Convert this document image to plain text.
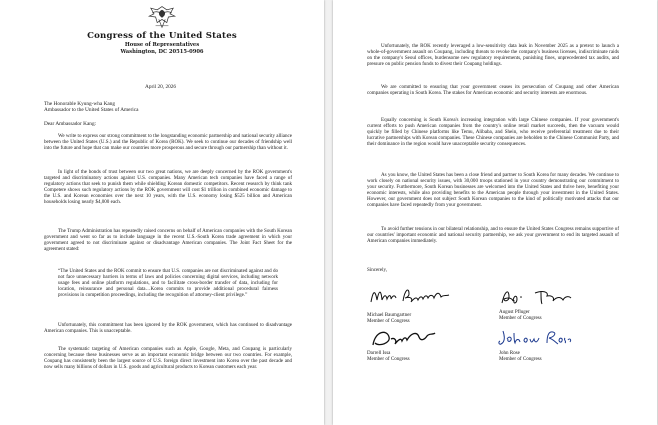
Congress of the United States
House of Representatives
Washington, DC 20515-0906
April 20, 2026
The Honorable Kyung-wha Kang
Ambassador to the United States of America
Dear Ambassador Kang:

We write to express our strong commitment to the longstanding economic partnership and national security alliance between the United States (U.S.) and the Republic of Korea (ROK). We seek to continue our decades of friendship well into the future and hope that can make our countries more prosperous and secure through our partnership than without it.

In light of the bonds of trust between our two great nations, we are deeply concerned by the ROK government's targeted and discriminatory actions against U.S. companies. Many American tech companies have faced a range of regulatory actions that seek to punish them while shielding Korean domestic competitors. Recent research by think tank Competere shows such regulatory actions by the ROK government will cost $1 trillion in combined economic damage to the U.S. and Korean economies over the next 10 years, with the U.S. economy losing $525 billion and American households losing nearly $4,000 each.

The Trump Administration has repeatedly raised concerns on behalf of American companies with the South Korean government and went so far as to include language in the recent U.S.-South Korea trade agreement in which your government agreed to not discriminate against or disadvantage American companies. The Joint Fact Sheet for the agreement stated:

“The United States and the ROK commit to ensure that U.S. companies are not discriminated against and do not face unnecessary barriers in terms of laws and policies concerning digital services, including network usage fees and online platform regulations, and to facilitate cross-border transfer of data, including for location, reinsurance and personal data…Korea commits to provide additional procedural fairness provisions in competition proceedings, including the recognition of attorney-client privilege.”

Unfortunately, this commitment has been ignored by the ROK government, which has continued to disadvantage American companies. This is unacceptable.

The systematic targeting of American companies such as Apple, Google, Meta, and Coupang is particularly concerning because these businesses serve as an important economic bridge between our two countries. For example, Coupang has consistently been the largest source of U.S. foreign direct investment into Korea over the past decade and now sells many billions of dollars in U.S. goods and agricultural products to Korean customers each year.

Unfortunately, the ROK recently leveraged a low-sensitivity data leak in November 2025 as a pretext to launch a whole-of-government assault on Coupang, including threats to revoke the company's business licenses, indiscriminate raids on the company's Seoul offices, burdensome new regulatory requirements, punishing fines, unprecedented tax audits, and pressure on public pension funds to divest their Coupang holdings.

We are committed to ensuring that your government ceases its persecution of Coupang and other American companies operating in South Korea. The stakes for American economic and security interests are enormous.

Equally concerning is South Korea's increasing integration with large Chinese companies. If your government's current efforts to push American companies from the country's online retail market succeeds, then the vacuum would quickly be filled by Chinese platforms like Temu, Alibaba, and Shein, who receive preferential treatment due to their lucrative partnerships with Korean companies. These Chinese companies are beholden to the Chinese Communist Party, and their dominance in the region would have unacceptable security consequences.

As you know, the United States has been a close friend and partner to South Korea for many decades. We continue to work closely on national security issues, with 30,000 troops stationed in your country demonstrating our commitment to your security. Furthermore, South Korean businesses are welcomed into the United States and thrive here, benefiting your economic interests, while also providing benefits to the American people through your investment in the United States. However, our government does not subject South Korean companies to the kind of politically motivated attacks that our companies have faced repeatedly from your government.

To avoid further tensions in our bilateral relationship, and to ensure the United States Congress remains supportive of our countries' important economic and national security partnership, we ask your government to end its targeted assault of American companies immediately.

Sincerely,
Michael Baumgartner
Member of Congress
August Pfluger
Member of Congress
Darrell Issa
Member of Congress
John Rose
Member of Congress
